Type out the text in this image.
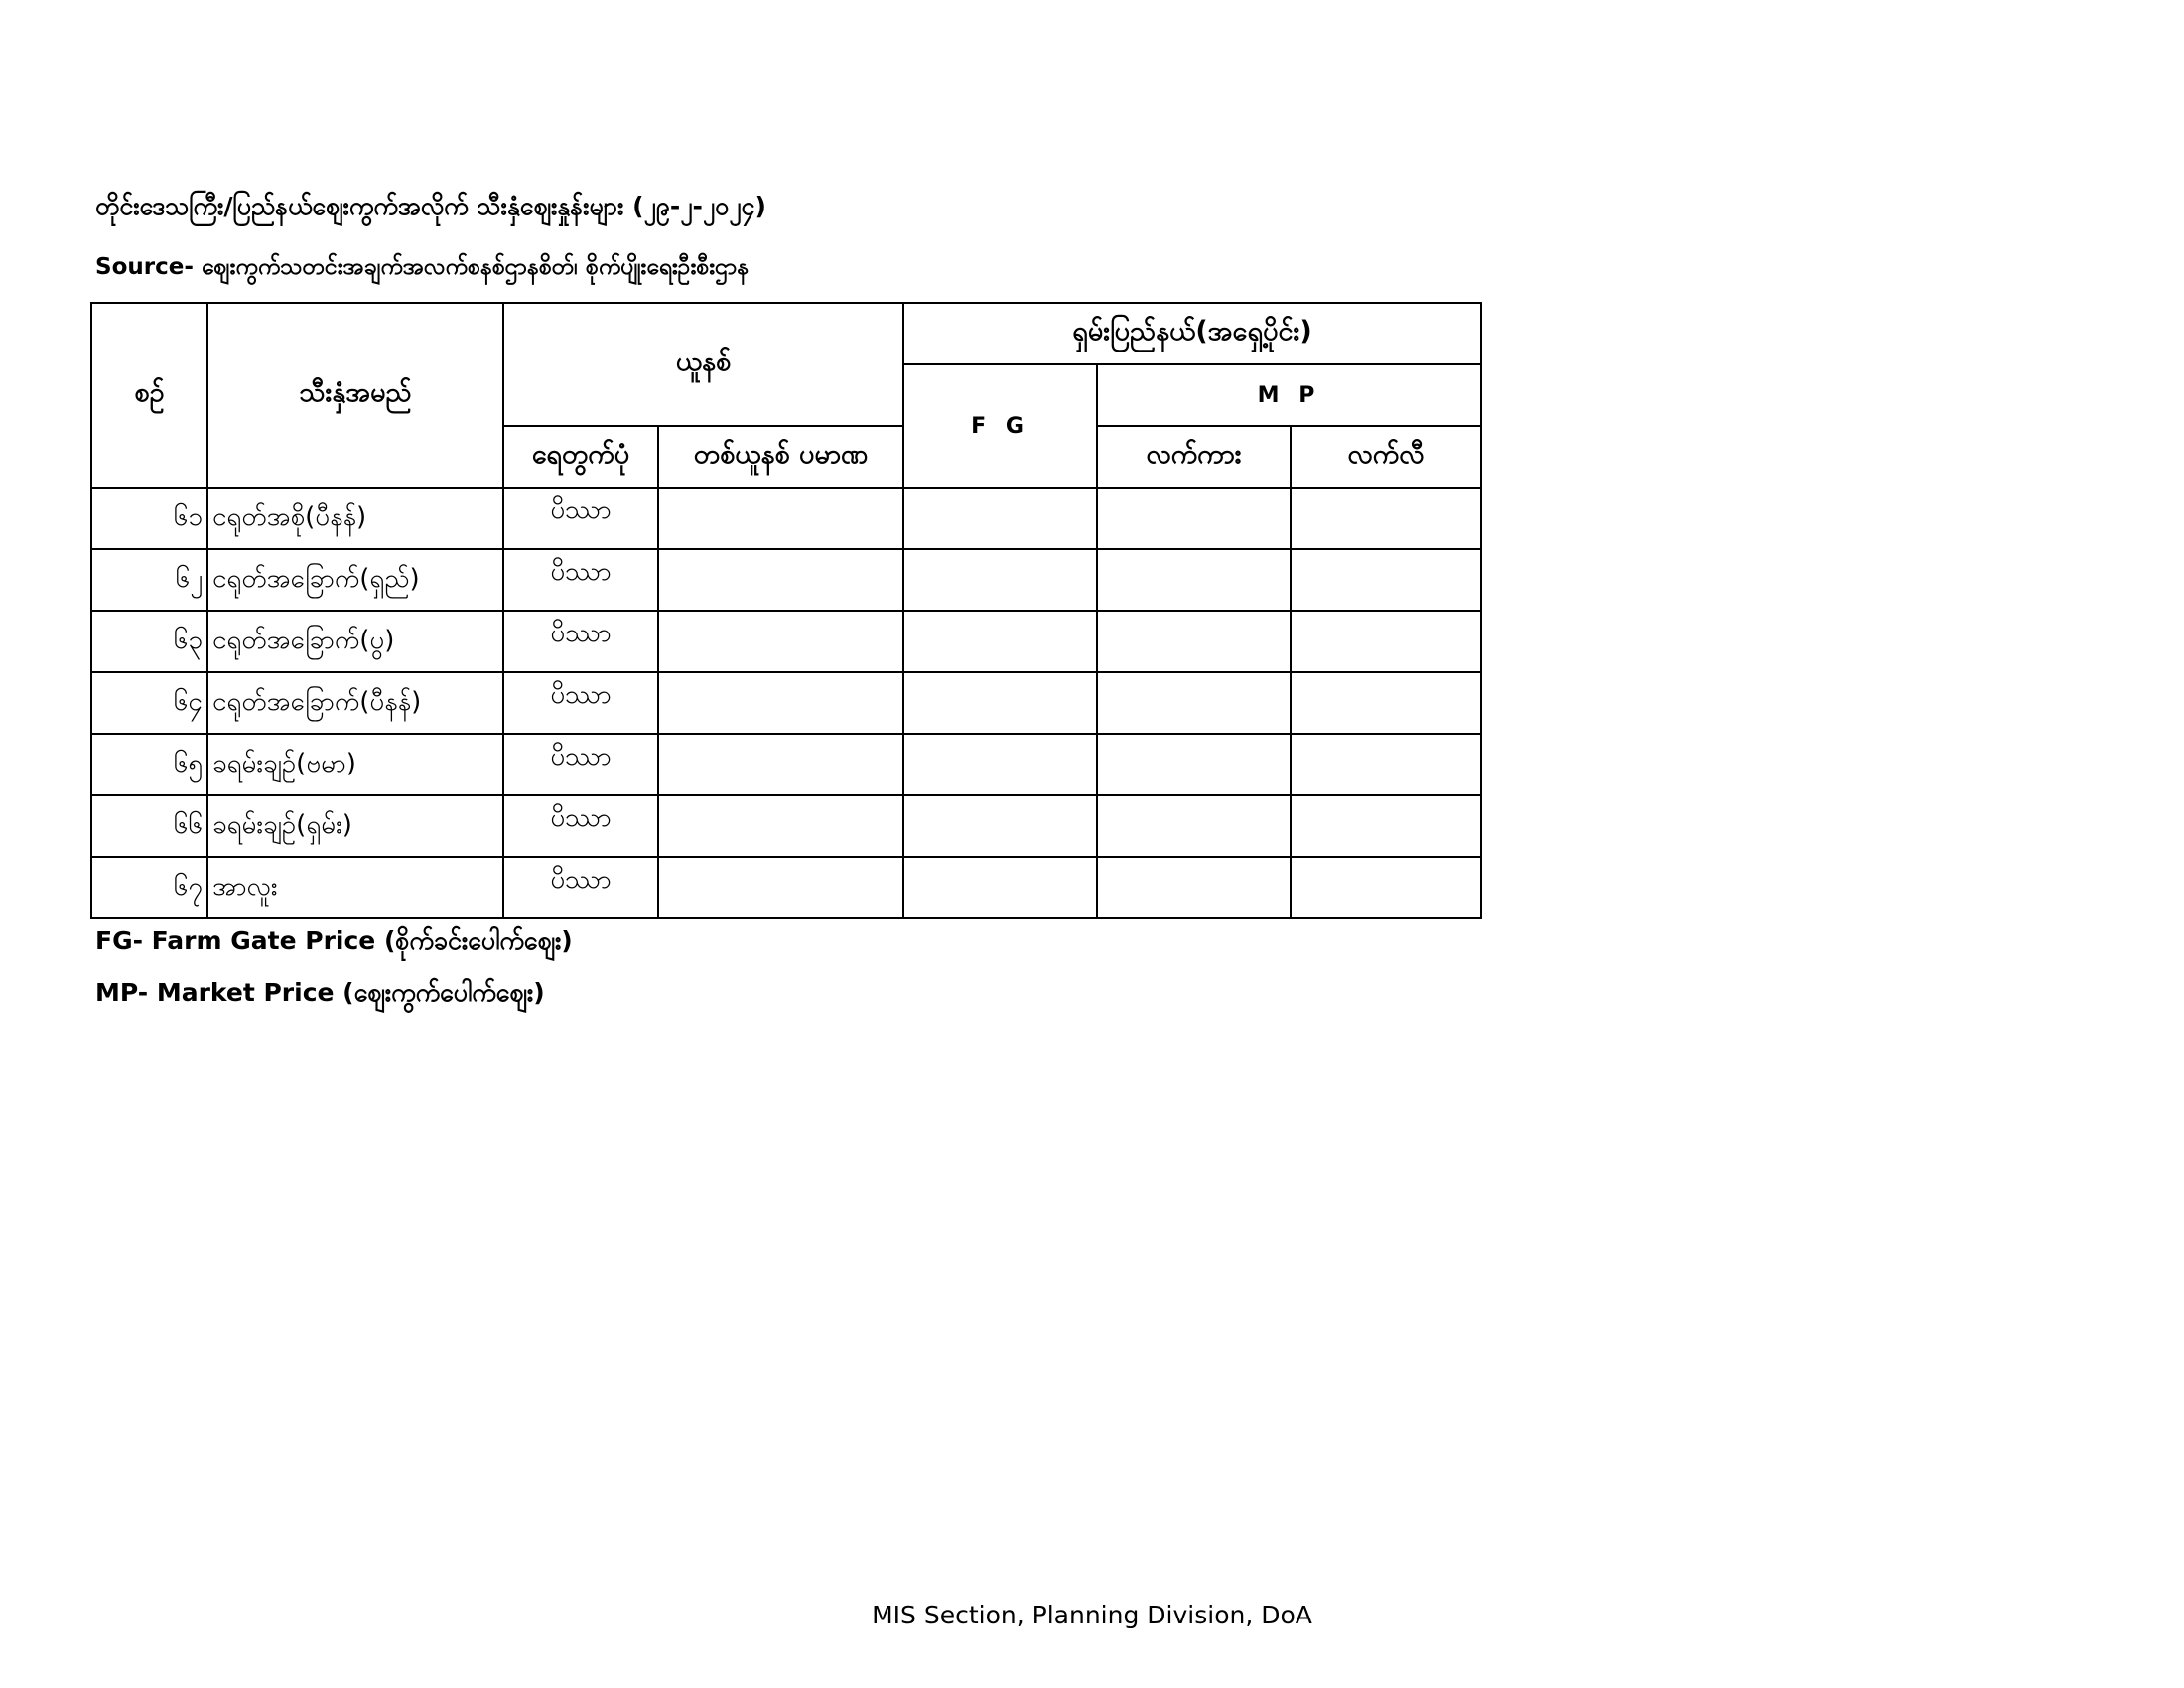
တိုင်းဒေသကြီး/ပြည်နယ်ဈေးကွက်အလိုက် သီးနှံဈေးနှုန်းများ (၂၉-၂-၂၀၂၄)
Source- ဈေးကွက်သတင်းအချက်အလက်စနစ်ဌာနစိတ်၊ စိုက်ပျိုးရေးဦးစီးဌာန
စဉ်	သီးနှံအမည်	ယူနစ်		ရှမ်းပြည်နယ်(အရှေ့ပိုင်း)		
				F G	M P	
		ရေတွက်ပုံ	တစ်ယူနစ် ပမာဏ		လက်ကား	လက်လီ
၆၁	ငရုတ်အစို(ပီနန်)	ပိဿာ				
၆၂	ငရုတ်အခြောက်(ရှည်)	ပိဿာ				
၆၃	ငရုတ်အခြောက်(ပွ)	ပိဿာ				
၆၄	ငရုတ်အခြောက်(ပီနန်)	ပိဿာ				
၆၅	ခရမ်းချဉ်(ဗမာ)	ပိဿာ				
၆၆	ခရမ်းချဉ်(ရှမ်း)	ပိဿာ				
၆၇	အာလူး	ပိဿာ				
FG- Farm Gate Price (စိုက်ခင်းပေါက်ဈေး)
MP- Market Price (ဈေးကွက်ပေါက်ဈေး)
MIS Section, Planning Division, DoA
